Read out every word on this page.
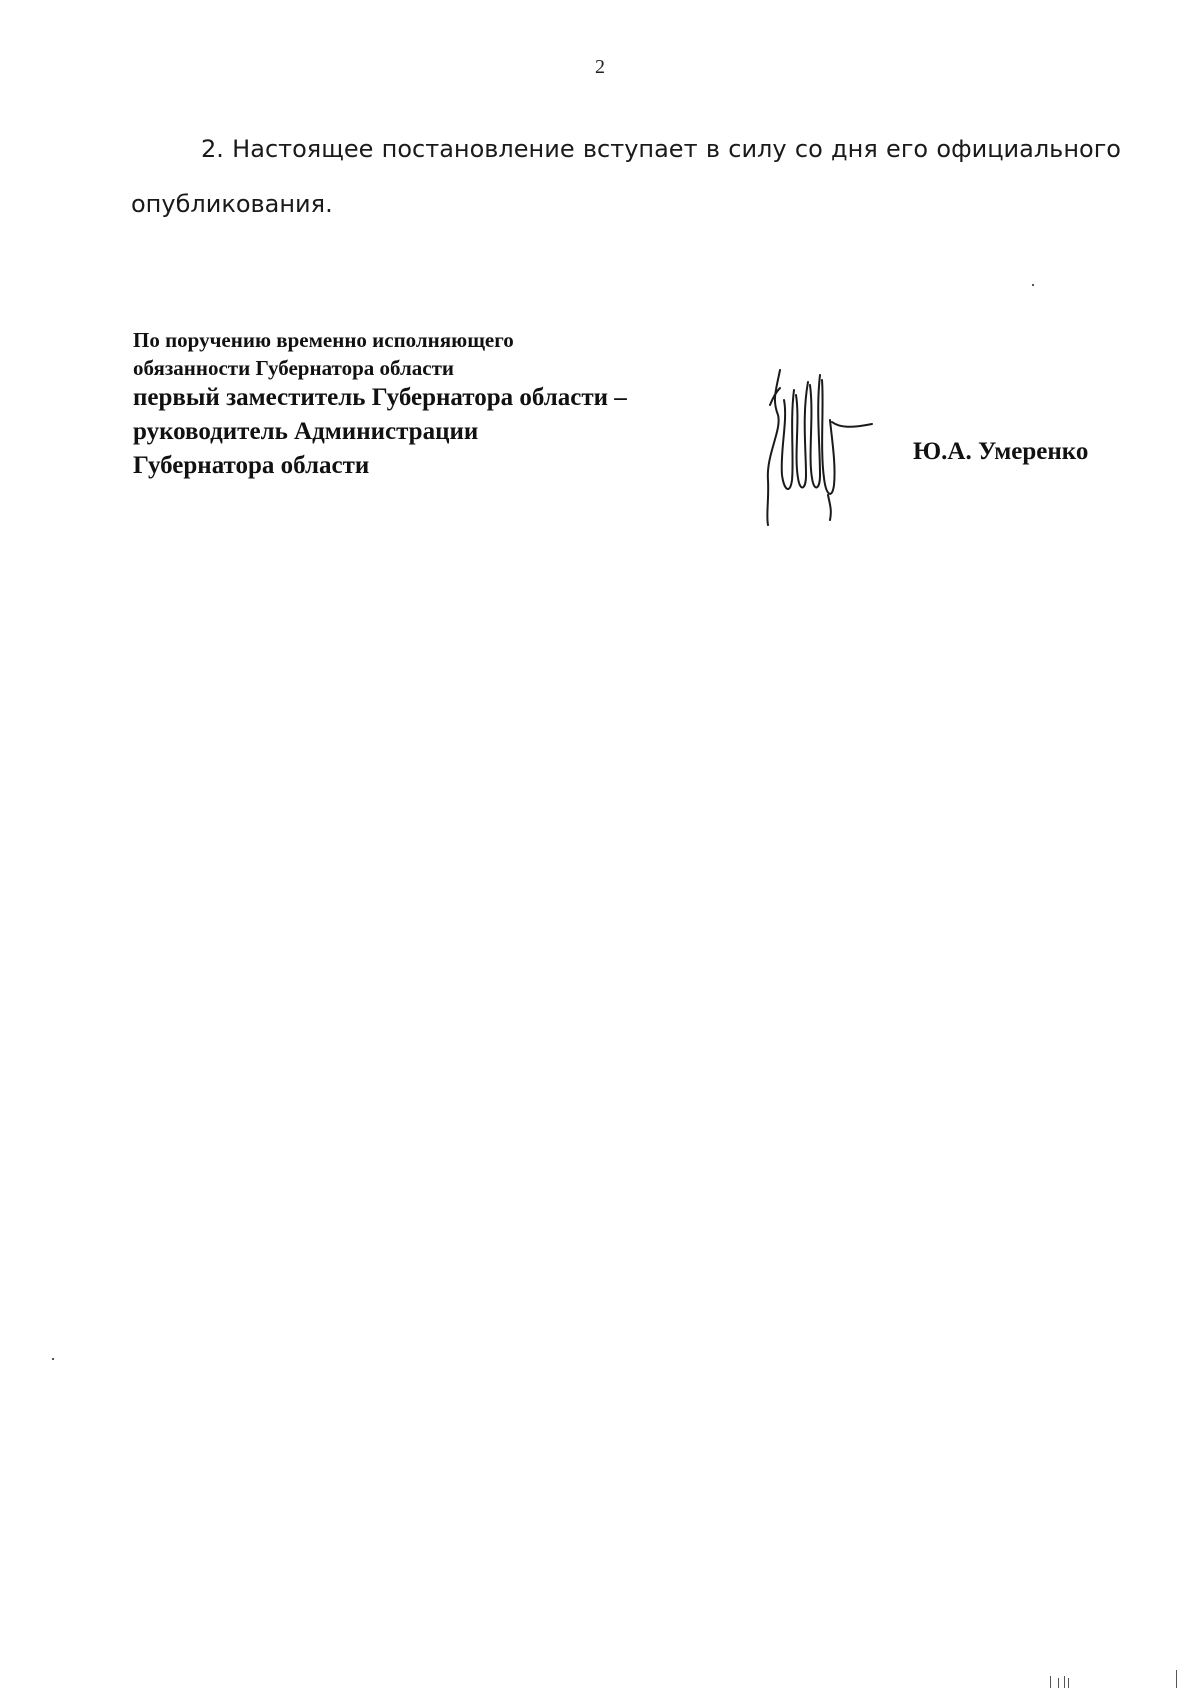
2

2. Настоящее постановление вступает в силу со дня его официального опубликования.

По поручению временно исполняющего
обязанности Губернатора области
первый заместитель Губернатора области –
руководитель Администрации
Губернатора области
Ю.А. Умеренко
